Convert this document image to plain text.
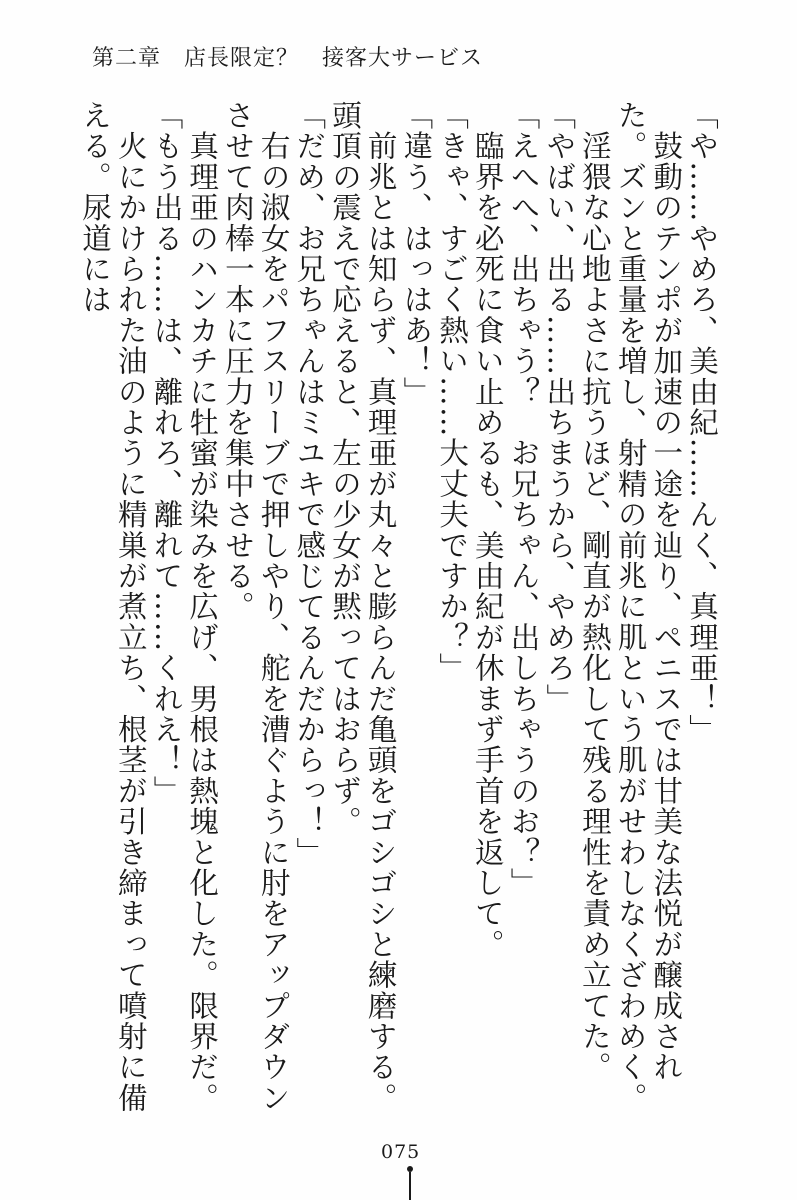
第二章　店長限定？　接客大サービス

「や……やめろ、美由紀……んく、真理亜！」

　鼓動のテンポが加速の一途を辿り、ペニスでは甘美な法悦が醸成された。ズンと重量を増し、射精の前兆に肌という肌がせわしなくざわめく。

　淫猥な心地よさに抗うほど、剛直が熱化して残る理性を責め立てた。

「やばい、出る……出ちまうから、やめろ」

「えへへ、出ちゃう？　お兄ちゃん、出しちゃうのお？」

　臨界を必死に食い止めるも、美由紀が休まず手首を返して。

「きゃ、すごく熱い……大丈夫ですか？」

「違う、はっはあ！」

　前兆とは知らず、真理亜が丸々と膨らんだ亀頭をゴシゴシと練磨する。頭頂の震えで応えると、左の少女が黙ってはおらず。

「だめ、お兄ちゃんはミユキで感じてるんだからっ！」

　右の淑女をパフスリーブで押しやり、舵を漕ぐように肘をアップダウンさせて肉棒一本に圧力を集中させる。

　真理亜のハンカチに牡蜜が染みを広げ、男根は熱塊と化した。限界だ。

「もう出る……は、離れろ、離れて……くれえ！」

　火にかけられた油のように精巣が煮立ち、根茎が引き締まって噴射に備える。尿道には

075
